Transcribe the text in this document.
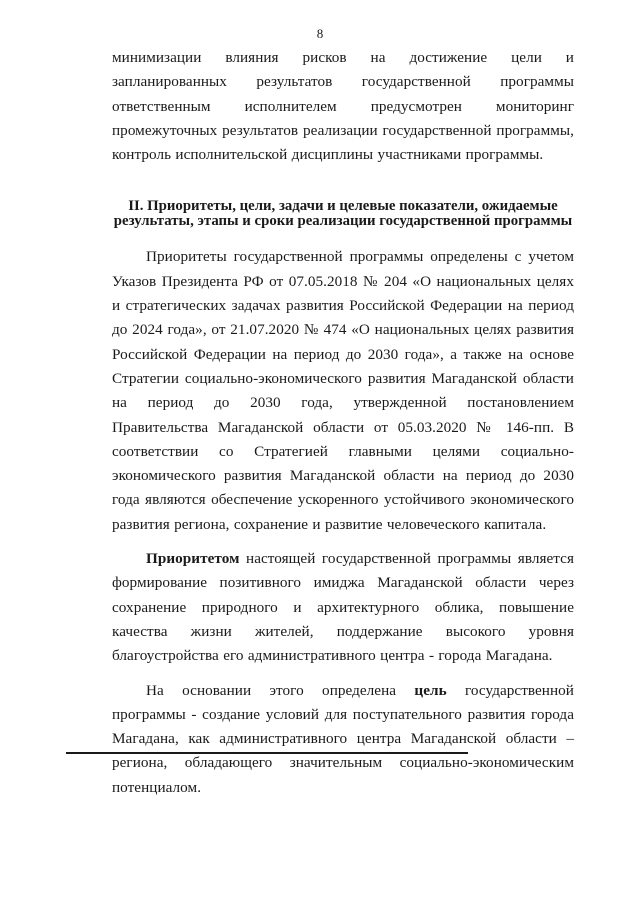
8

минимизации влияния рисков на достижение цели и запланированных результатов государственной программы ответственным исполнителем предусмотрен мониторинг промежуточных результатов реализации государственной программы, контроль исполнительской дисциплины участниками программы.

II. Приоритеты, цели, задачи и целевые показатели, ожидаемые
результаты, этапы и сроки реализации государственной программы

Приоритеты государственной программы определены с учетом Указов Президента РФ от 07.05.2018 № 204 «О национальных целях и стратегических задачах развития Российской Федерации на период до 2024 года», от 21.07.2020 № 474 «О национальных целях развития Российской Федерации на период до 2030 года», а также на основе Стратегии социально-экономического развития Магаданской области на период до 2030 года, утвержденной постановлением Правительства Магаданской области от 05.03.2020 № 146-пп. В соответствии со Стратегией главными целями социально-экономического развития Магаданской области на период до 2030 года являются обеспечение ускоренного устойчивого экономического развития региона, сохранение и развитие человеческого капитала.

Приоритетом настоящей государственной программы является формирование позитивного имиджа Магаданской области через сохранение природного и архитектурного облика, повышение качества жизни жителей, поддержание высокого уровня благоустройства его административного центра - города Магадана.

На основании этого определена цель государственной программы - создание условий для поступательного развития города Магадана, как административного центра Магаданской области – региона, обладающего значительным социально-экономическим потенциалом.
